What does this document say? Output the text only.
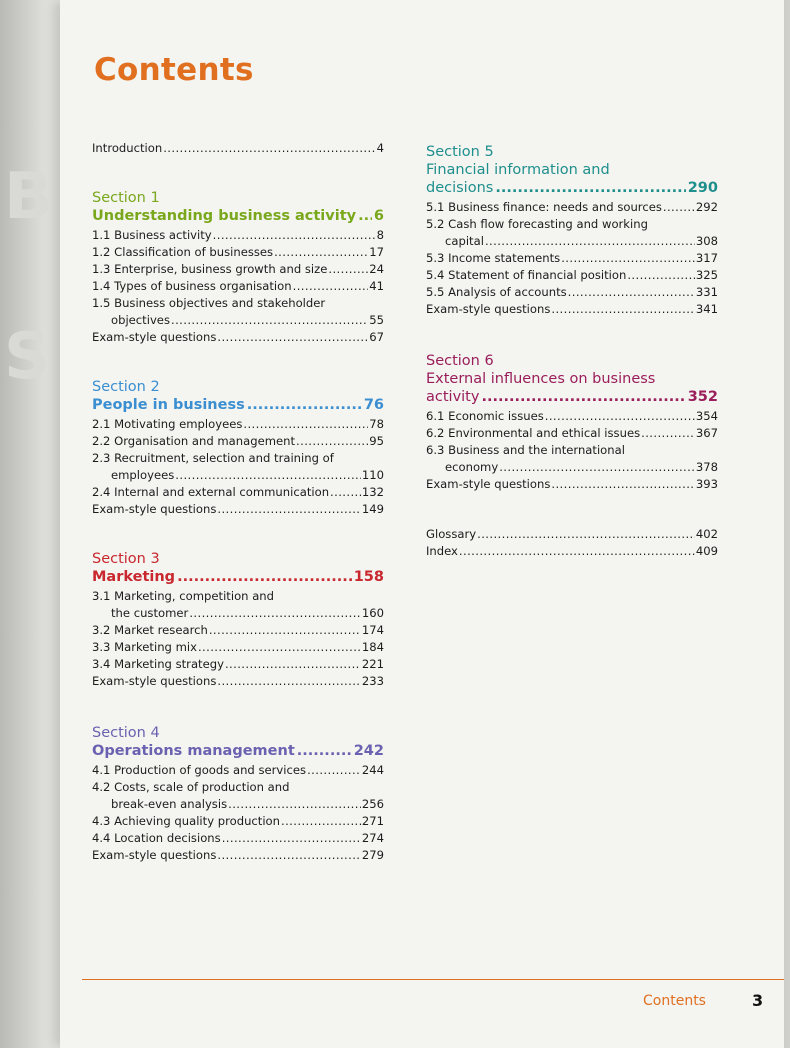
B
S
Contents
Introduction .....	4
Section 1
Understanding business activity ..... 6
1.1 Business activity .....	8
1.2 Classification of businesses .....	17
1.3 Enterprise, business growth and size .....	24
1.4 Types of business organisation .....	41
1.5 Business objectives and stakeholder
objectives .....	55
Exam-style questions .....	67
Section 2
People in business .....	76
2.1 Motivating employees .....	78
2.2 Organisation and management .....	95
2.3 Recruitment, selection and training of
employees .....	110
2.4 Internal and external communication .....	132
Exam-style questions .....	149
Section 3
Marketing .....	158
3.1 Marketing, competition and
the customer .....	160
3.2 Market research .....	174
3.3 Marketing mix .....	184
3.4 Marketing strategy .....	221
Exam-style questions .....	233
Section 4
Operations management .....	242
4.1 Production of goods and services .....	244
4.2 Costs, scale of production and
break-even analysis .....	256
4.3 Achieving quality production .....	271
4.4 Location decisions .....	274
Exam-style questions .....	279
Section 5
Financial information and
decisions .....	290
5.1 Business finance: needs and sources .....	292
5.2 Cash flow forecasting and working
capital .....	308
5.3 Income statements .....	317
5.4 Statement of financial position .....	325
5.5 Analysis of accounts .....	331
Exam-style questions .....	341
Section 6
External influences on business
activity .....	352
6.1 Economic issues .....	354
6.2 Environmental and ethical issues .....	367
6.3 Business and the international
economy .....	378
Exam-style questions .....	393
Glossary .....	402
Index .....	409
Contents	3
